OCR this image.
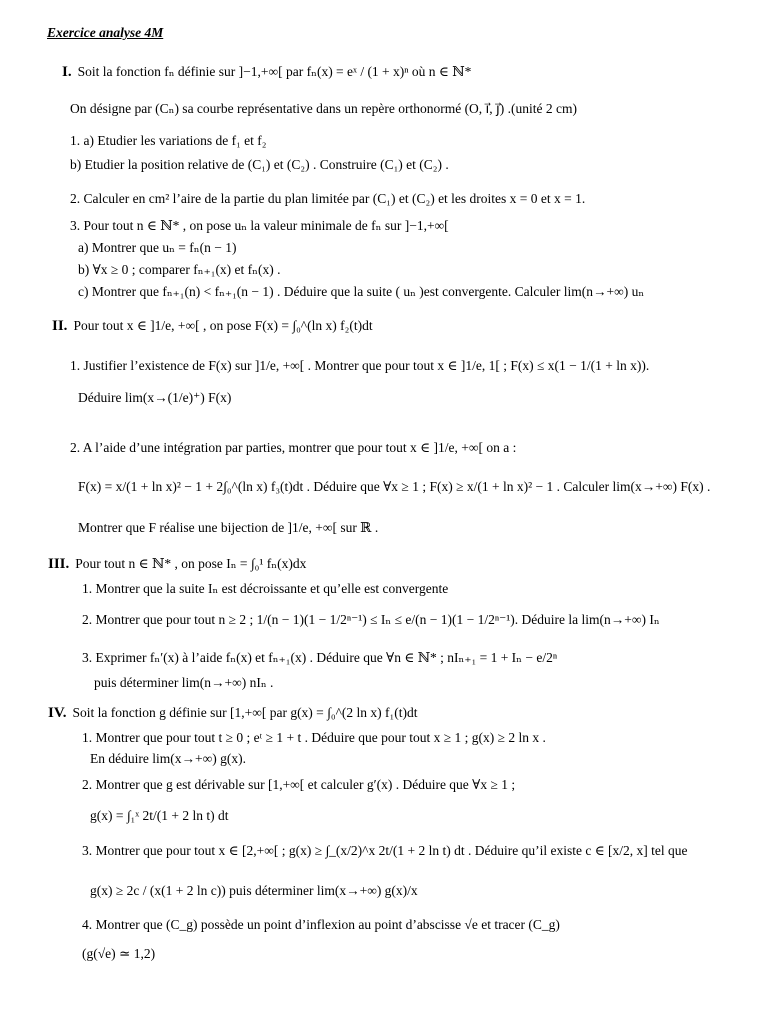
Exercice analyse 4M
I. Soit la fonction fₙ définie sur ]−1,+∞[ par fₙ(x) = eˣ / (1 + x)ⁿ où n ∈ ℕ*
On désigne par (Cₙ) sa courbe représentative dans un repère orthonormé (O, i⃗, j⃗) .(unité 2 cm)
1. a) Etudier les variations de f₁ et f₂
b) Etudier la position relative de (C₁) et (C₂) . Construire (C₁) et (C₂) .
2. Calculer en cm² l’aire de la partie du plan limitée par (C₁) et (C₂) et les droites x = 0 et x = 1.
3. Pour tout n ∈ ℕ* , on pose uₙ la valeur minimale de fₙ sur ]−1,+∞[
a) Montrer que uₙ = fₙ(n − 1)
b) ∀x ≥ 0 ; comparer fₙ₊₁(x) et fₙ(x) .
c) Montrer que fₙ₊₁(n) < fₙ₊₁(n − 1) . Déduire que la suite ( uₙ )est convergente. Calculer lim(n→+∞) uₙ
II. Pour tout x ∈ ]1/e, +∞[ , on pose F(x) = ∫₀^(ln x) f₂(t)dt
1. Justifier l’existence de F(x) sur ]1/e, +∞[ . Montrer que pour tout x ∈ ]1/e, 1[ ; F(x) ≤ x(1 − 1/(1 + ln x)).
Déduire lim(x→(1/e)⁺) F(x)
2. A l’aide d’une intégration par parties, montrer que pour tout x ∈ ]1/e, +∞[ on a :
F(x) = x/(1 + ln x)² − 1 + 2∫₀^(ln x) f₃(t)dt . Déduire que ∀x ≥ 1 ; F(x) ≥ x/(1 + ln x)² − 1 . Calculer lim(x→+∞) F(x) .
Montrer que F réalise une bijection de ]1/e, +∞[ sur ℝ .
III. Pour tout n ∈ ℕ* , on pose Iₙ = ∫₀¹ fₙ(x)dx
1. Montrer que la suite Iₙ est décroissante et qu’elle est convergente
2. Montrer que pour tout n ≥ 2 ; 1/(n − 1)(1 − 1/2ⁿ⁻¹) ≤ Iₙ ≤ e/(n − 1)(1 − 1/2ⁿ⁻¹). Déduire la lim(n→+∞) Iₙ
3. Exprimer fₙ′(x) à l’aide fₙ(x) et fₙ₊₁(x) . Déduire que ∀n ∈ ℕ* ; nIₙ₊₁ = 1 + Iₙ − e/2ⁿ
puis déterminer lim(n→+∞) nIₙ .
IV. Soit la fonction g définie sur [1,+∞[ par g(x) = ∫₀^(2 ln x) f₁(t)dt
1. Montrer que pour tout t ≥ 0 ; eᵗ ≥ 1 + t . Déduire que pour tout x ≥ 1 ; g(x) ≥ 2 ln x .
En déduire lim(x→+∞) g(x).
2. Montrer que g est dérivable sur [1,+∞[ et calculer g′(x) . Déduire que ∀x ≥ 1 ;
g(x) = ∫₁ˣ 2t/(1 + 2 ln t) dt
3. Montrer que pour tout x ∈ [2,+∞[ ; g(x) ≥ ∫_(x/2)^x 2t/(1 + 2 ln t) dt . Déduire qu’il existe c ∈ [x/2, x] tel que
g(x) ≥ 2c / (x(1 + 2 ln c)) puis déterminer lim(x→+∞) g(x)/x
4. Montrer que (C_g) possède un point d’inflexion au point d’abscisse √e et tracer (C_g)
(g(√e) ≃ 1,2)
